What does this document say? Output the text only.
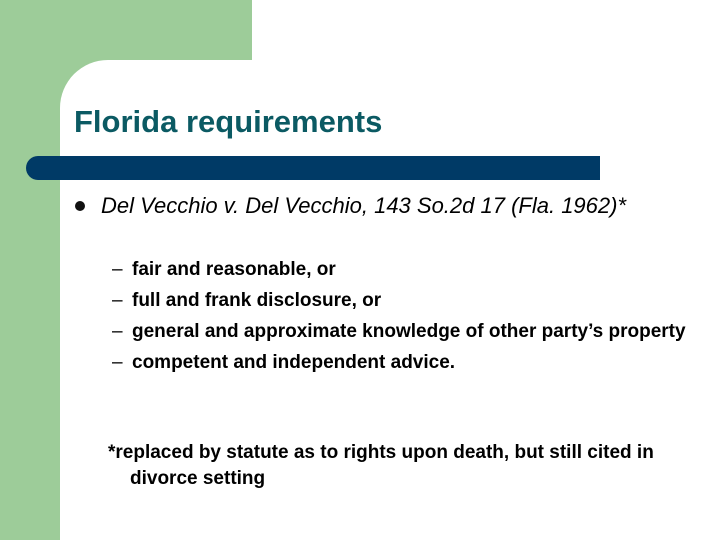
Florida requirements
Del Vecchio v. Del Vecchio, 143 So.2d 17 (Fla. 1962)*
– fair and reasonable, or
– full and frank disclosure, or
– general and approximate knowledge of other party’s property
– competent and independent advice.
*replaced by statute as to rights upon death, but still cited in divorce setting
